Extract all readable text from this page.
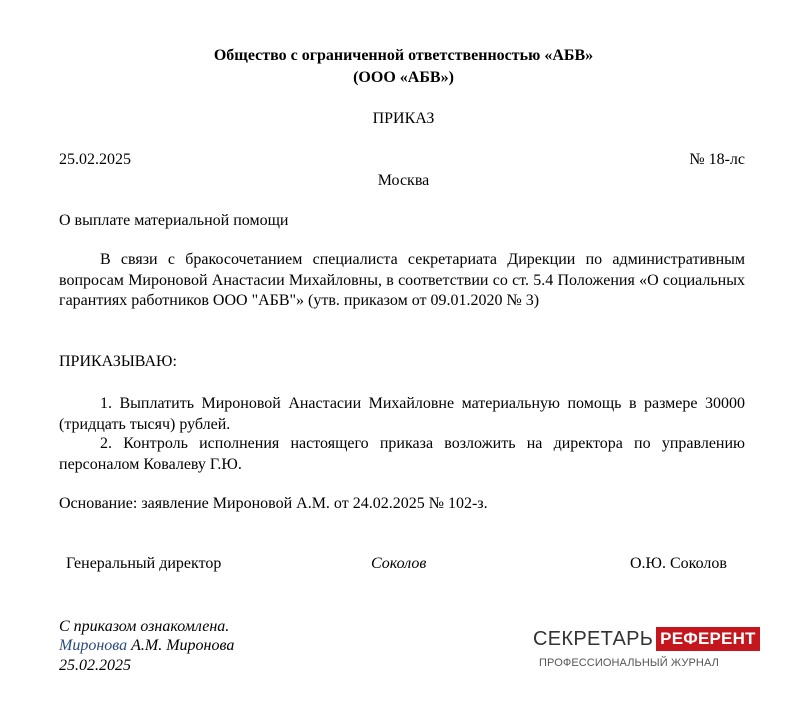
Общество с ограниченной ответственностью «АБВ»
(ООО «АБВ»)
ПРИКАЗ
25.02.2025	№ 18-лс
Москва
О выплате материальной помощи
В связи с бракосочетанием специалиста секретариата Дирекции по административным вопросам Мироновой Анастасии Михайловны, в соответствии со ст. 5.4 Положения «О социальных гарантиях работников ООО "АБВ"» (утв. приказом от 09.01.2020 № 3)
ПРИКАЗЫВАЮ:
1. Выплатить Мироновой Анастасии Михайловне материальную помощь в размере 30000 (тридцать тысяч) рублей.
2. Контроль исполнения настоящего приказа возложить на директора по управлению персоналом Ковалеву Г.Ю.
Основание: заявление Мироновой А.М. от 24.02.2025 № 102-з.
Генеральный директор	Соколов	О.Ю. Соколов
С приказом ознакомлена.
Миронова А.М. Миронова
25.02.2025
СЕКРЕТАРЬ РЕФЕРЕНТ
ПРОФЕССИОНАЛЬНЫЙ ЖУРНАЛ
